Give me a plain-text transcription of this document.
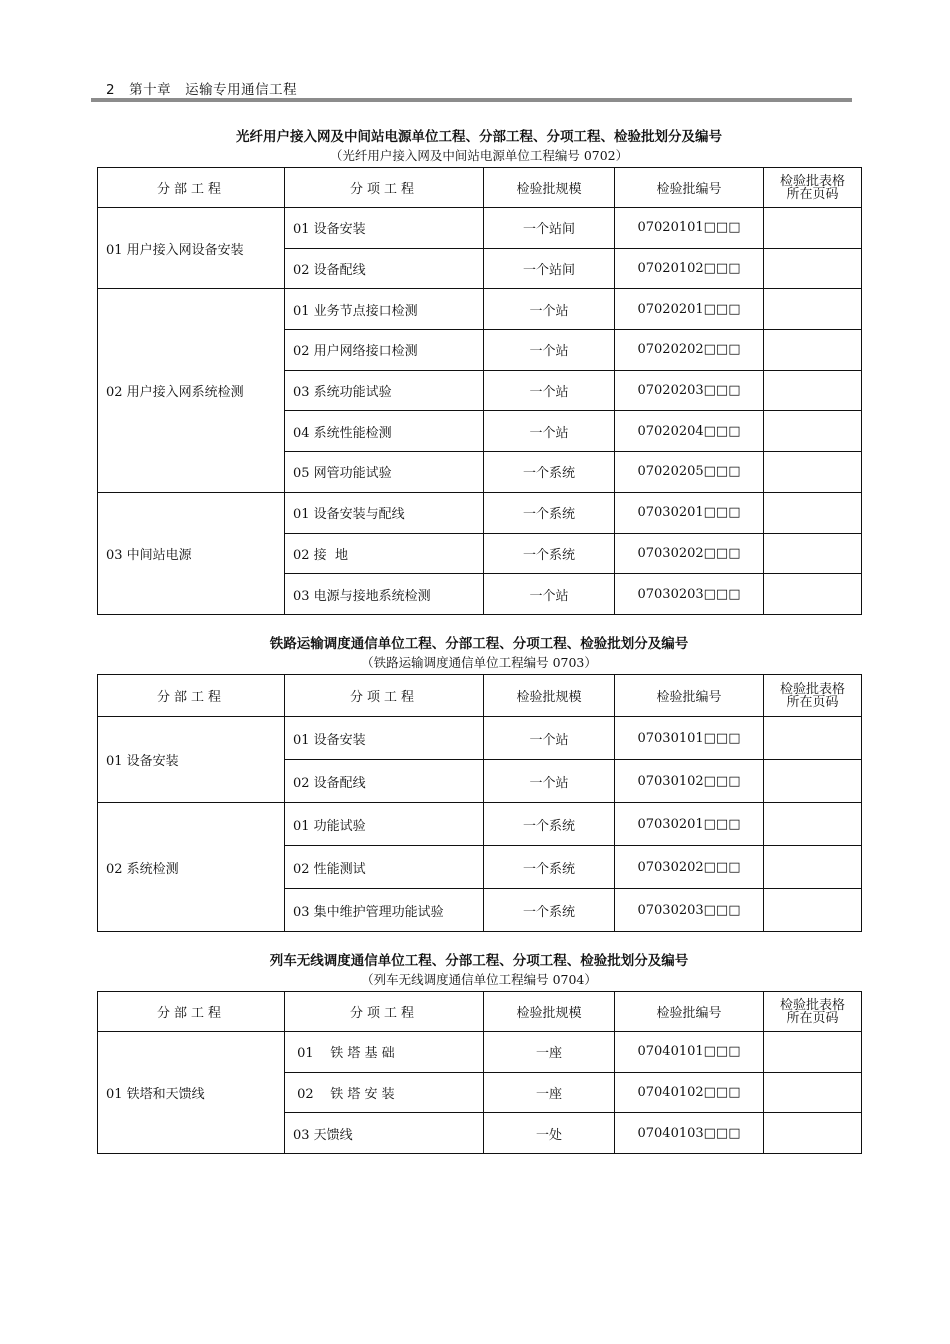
2 第十章 运输专用通信工程
光纤用户接入网及中间站电源单位工程、分部工程、分项工程、检验批划分及编号
（光纤用户接入网及中间站电源单位工程编号 0702）
分部工程	分项工程	检验批规模	检验批编号	检验批表格
所在页码

01 用户接入网设备安装	01 设备安装	一个站间	07020101□□□	
	02 设备配线	一个站间	07020102□□□	
02 用户接入网系统检测	01 业务节点接口检测	一个站	07020201□□□	
	02 用户网络接口检测	一个站	07020202□□□	
	03 系统功能试验	一个站	07020203□□□	
	04 系统性能检测	一个站	07020204□□□	
	05 网管功能试验	一个系统	07020205□□□	
03 中间站电源	01 设备安装与配线	一个系统	07030201□□□	
	02 接  地	一个系统	07030202□□□	
	03 电源与接地系统检测	一个站	07030203□□□	
铁路运输调度通信单位工程、分部工程、分项工程、检验批划分及编号
（铁路运输调度通信单位工程编号 0703）
分部工程	分项工程	检验批规模	检验批编号	检验批表格
所在页码

01 设备安装	01 设备安装	一个站	07030101□□□	
	02 设备配线	一个站	07030102□□□	
02 系统检测	01 功能试验	一个系统	07030201□□□	
	02 性能测试	一个系统	07030202□□□	
	03 集中维护管理功能试验	一个系统	07030203□□□	
列车无线调度通信单位工程、分部工程、分项工程、检验批划分及编号
（列车无线调度通信单位工程编号 0704）
分部工程	分项工程	检验批规模	检验批编号	检验批表格
所在页码

01 铁塔和天馈线	01    铁 塔 基 础	一座	07040101□□□	
	02    铁 塔 安 装	一座	07040102□□□	
	03 天馈线	一处	07040103□□□	
